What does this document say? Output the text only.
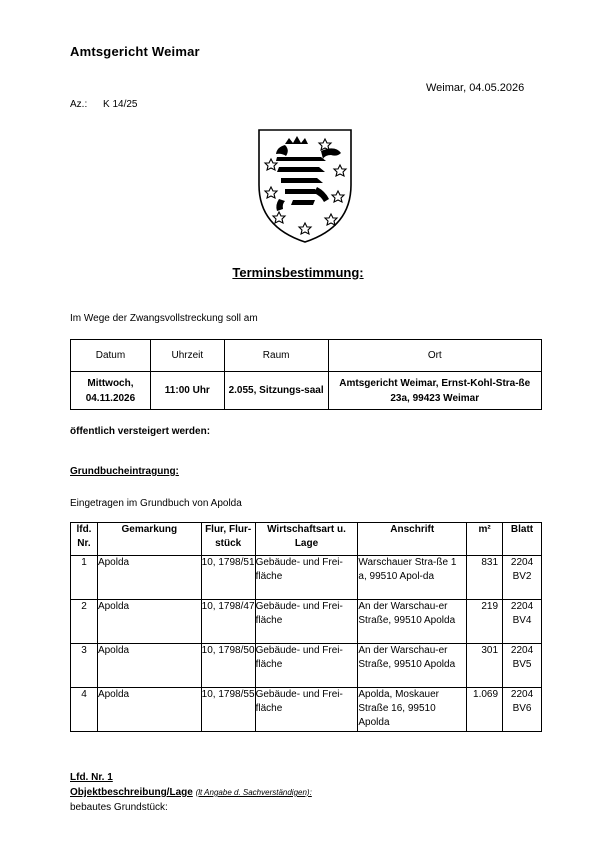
Amtsgericht Weimar
Weimar, 04.05.2026
Az.: K 14/25
Terminsbestimmung:
Im Wege der Zwangsvollstreckung soll am
Datum	Uhrzeit	Raum	Ort
Mittwoch, 04.11.2026	11:00 Uhr	2.055, Sitzungs-saal	Amtsgericht Weimar, Ernst-Kohl-Stra-ße 23a, 99423 Weimar
öffentlich versteigert werden:
Grundbucheintragung:
Eingetragen im Grundbuch von Apolda
lfd. Nr.	Gemarkung	Flur, Flur-stück	Wirtschaftsart u. Lage	Anschrift	m²	Blatt
1	Apolda	10, 1798/51	Gebäude- und Frei-fläche	Warschauer Stra-ße 1 a, 99510 Apol-da	831	2204 BV2
2	Apolda	10, 1798/47	Gebäude- und Frei-fläche	An der Warschau-er Straße, 99510 Apolda	219	2204 BV4
3	Apolda	10, 1798/50	Gebäude- und Frei-fläche	An der Warschau-er Straße, 99510 Apolda	301	2204 BV5
4	Apolda	10, 1798/55	Gebäude- und Frei-fläche	Apolda, Moskauer Straße 16, 99510 Apolda	1.069	2204 BV6
Lfd. Nr. 1
Objektbeschreibung/Lage (lt Angabe d. Sachverständigen):
bebautes Grundstück:
